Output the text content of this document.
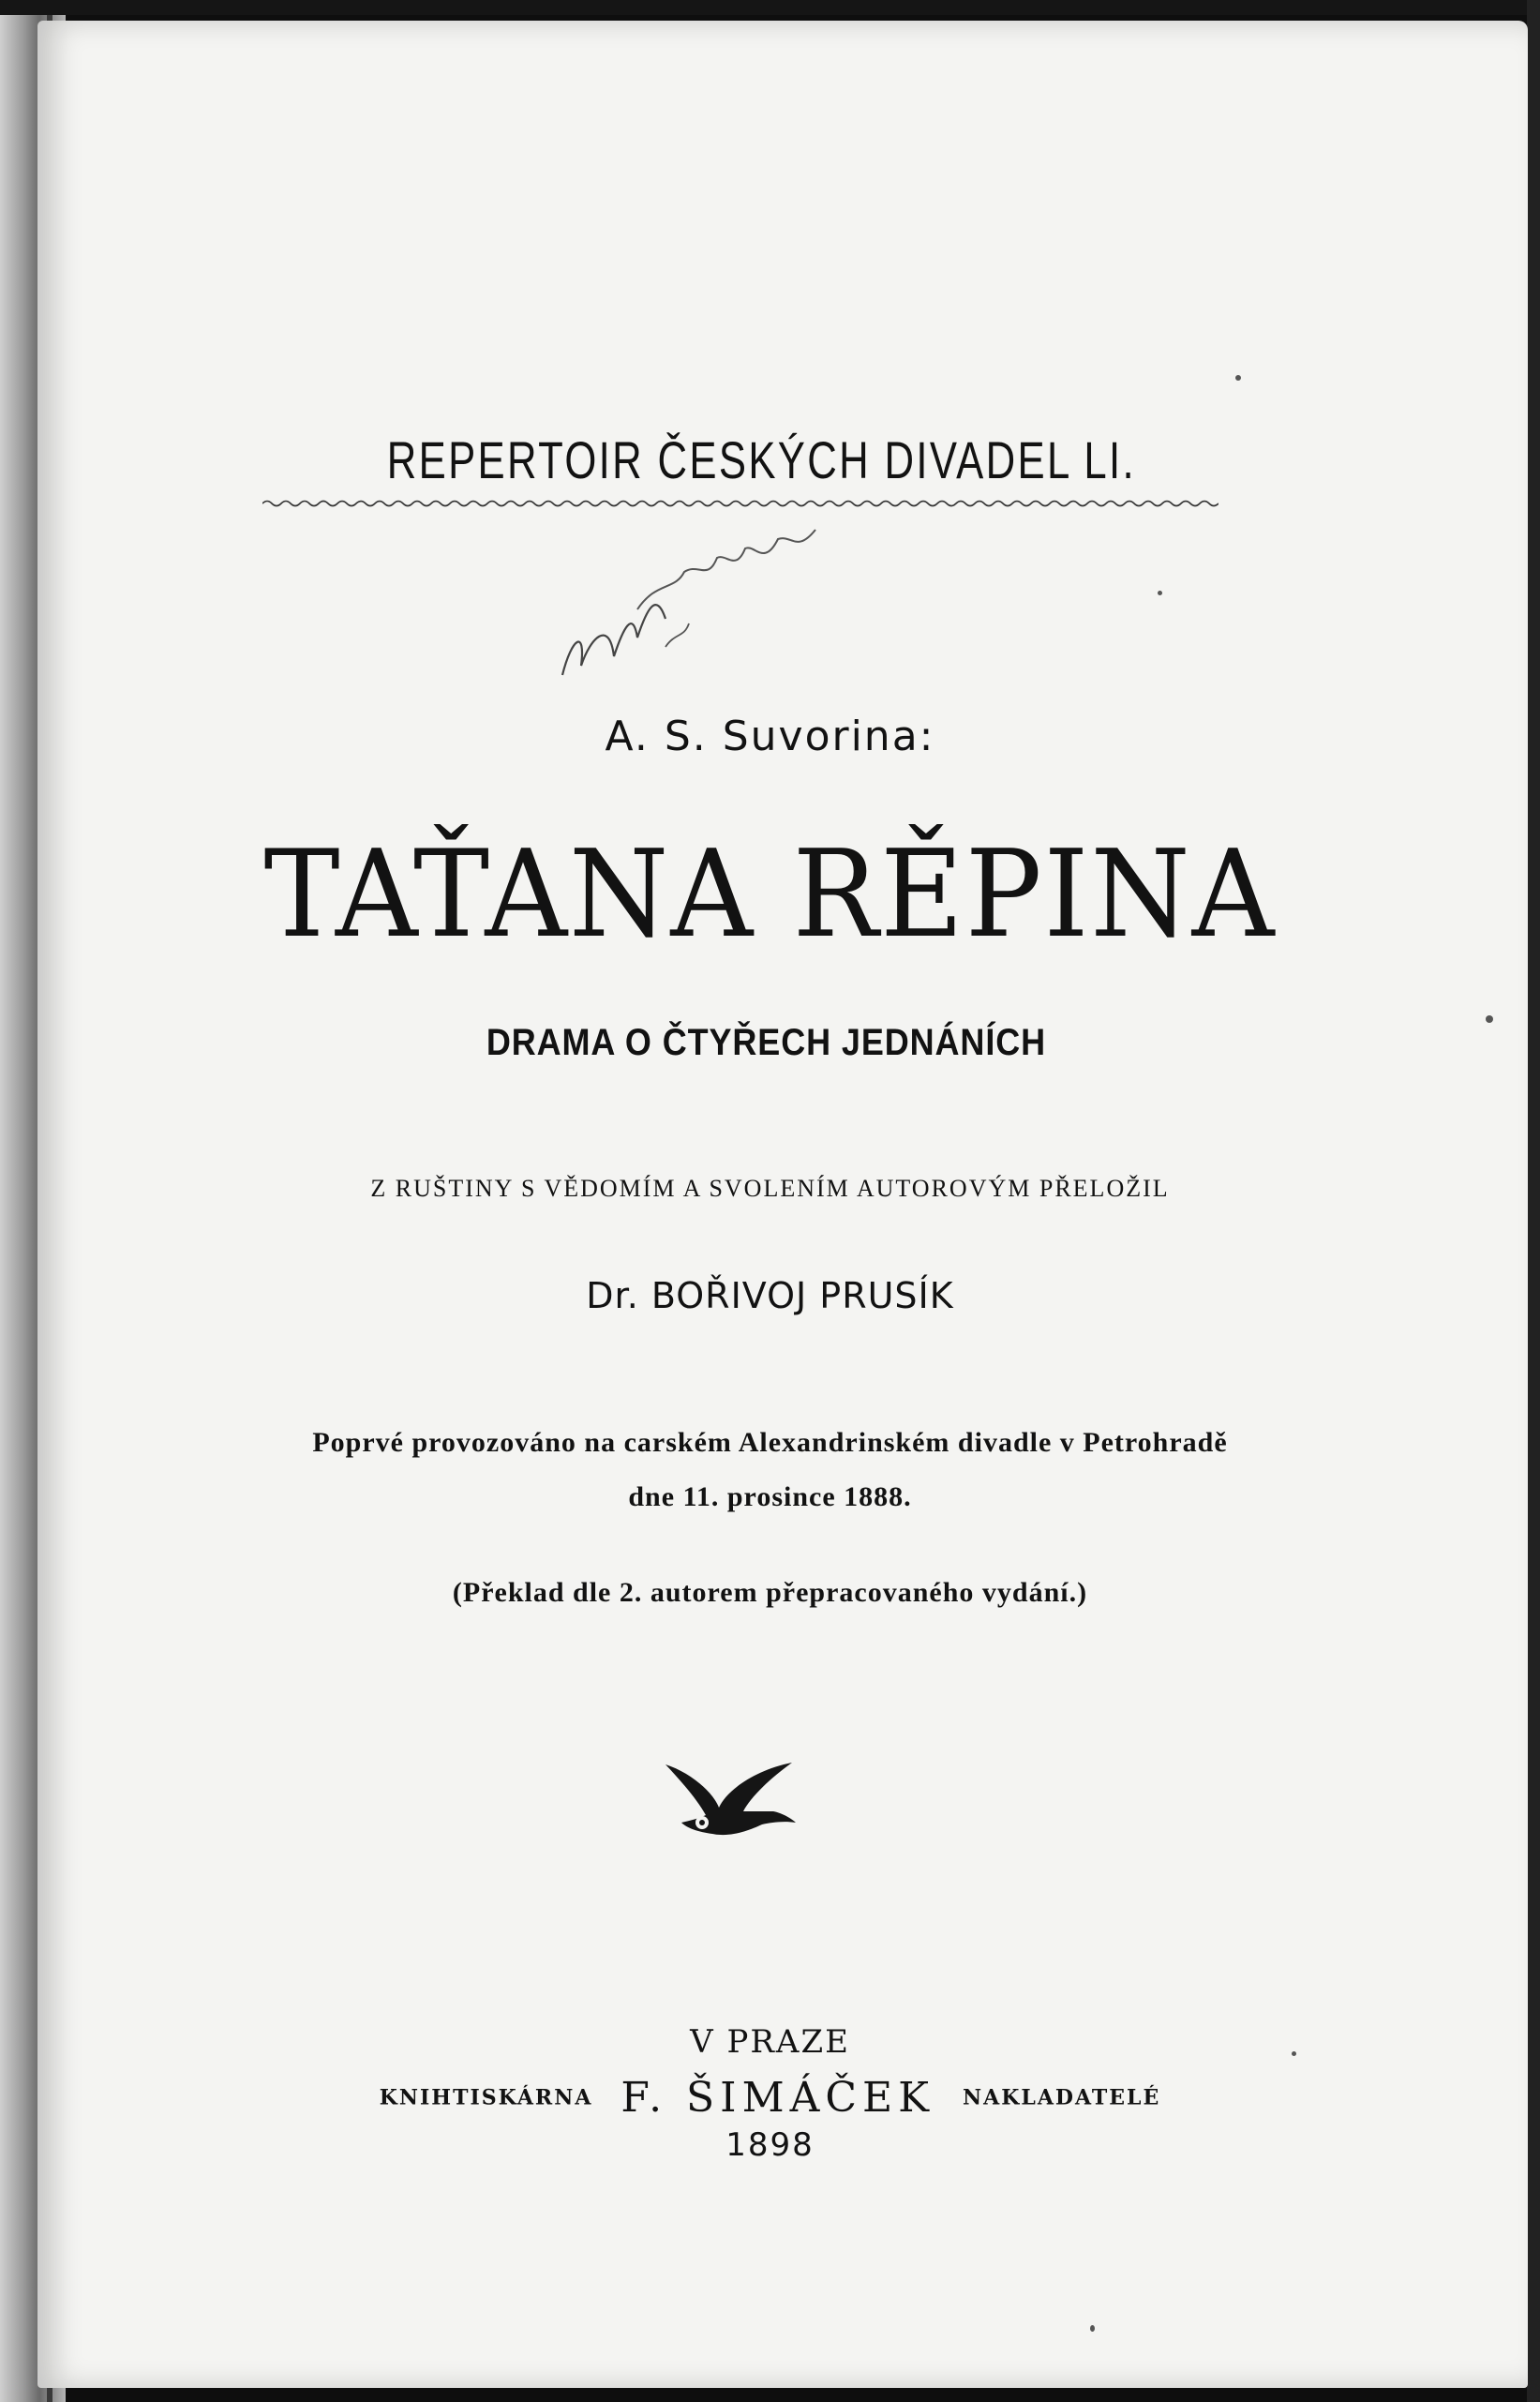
REPERTOIR ČESKÝCH DIVADEL LI.
A. S. Suvorina:
TAŤANA RĚPINA
DRAMA O ČTYŘECH JEDNÁNÍCH
Z RUŠTINY S VĚDOMÍM A SVOLENÍM AUTOROVÝM PŘELOŽIL
Dr. BOŘIVOJ PRUSÍK
Poprvé provozováno na carském Alexandrinském divadle v Petrohradě
dne 11. prosince 1888.
(Překlad dle 2. autorem přepracovaného vydání.)
V PRAZE
KNIHTISKÁRNA F. ŠIMÁČEK NAKLADATELÉ
1898
